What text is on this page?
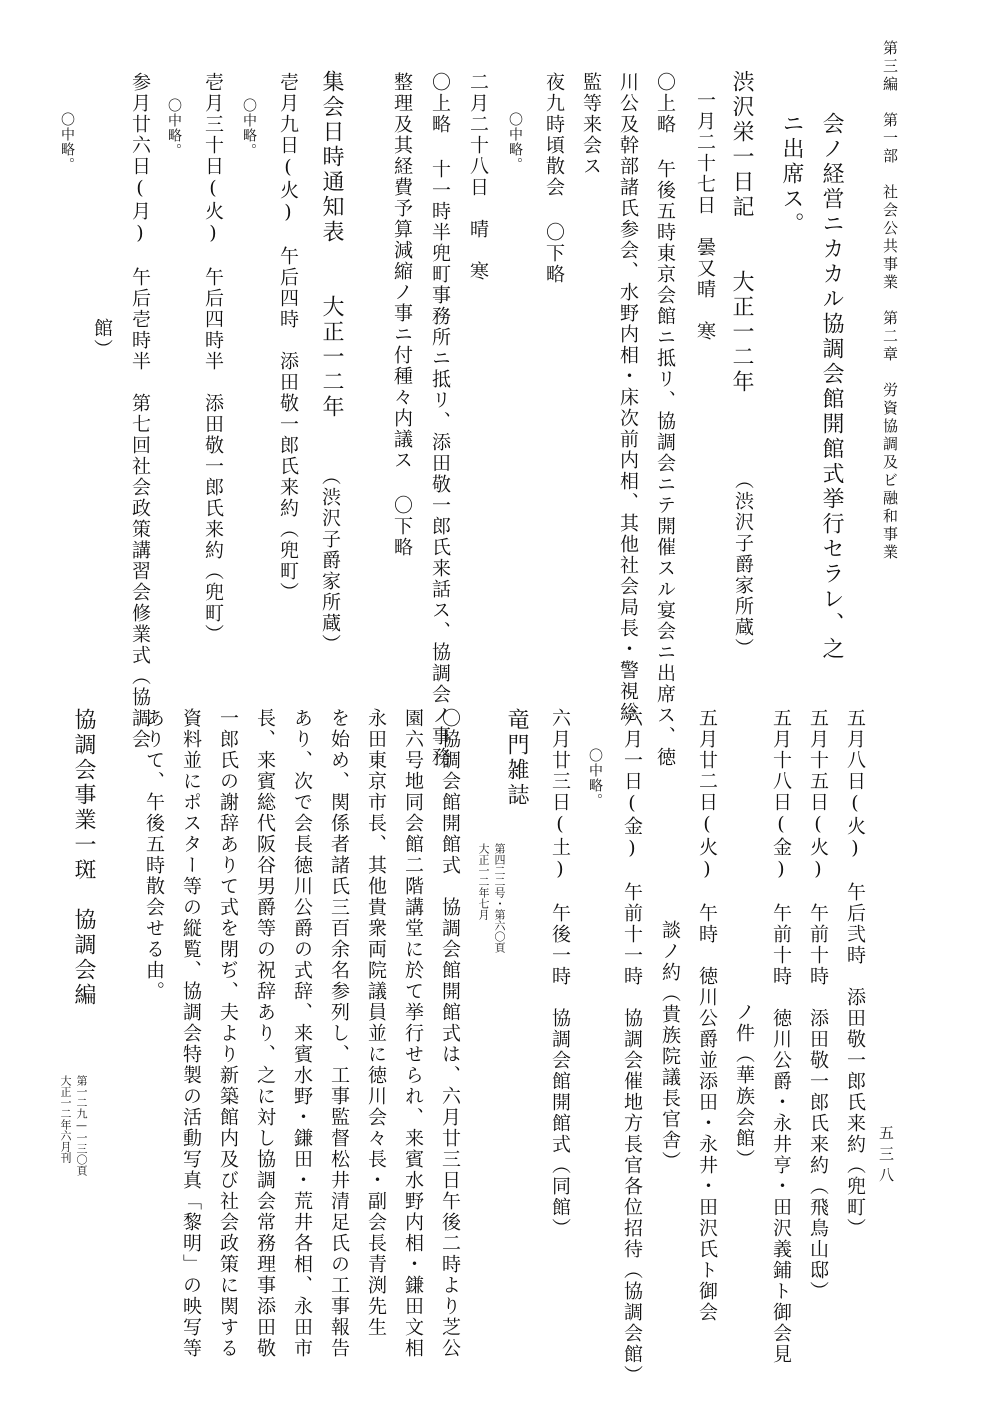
第三編　第一部　社会公共事業　第二章　労資協調及ビ融和事業
五三八
会ノ経営ニカカル協調会館開館式挙行セラレ、之
ニ出席ス。
渋沢栄一日記　　大正一二年
（渋沢子爵家所蔵）
一月二十七日　曇又晴　寒
〇上略 午後五時東京会館ニ抵リ、協調会ニテ開催スル宴会ニ出席ス、徳
川公及幹部諸氏参会、水野内相・床次前内相、其他社会局長・警視総
監等来会ス
夜九時頃散会 〇下略
〇中略。
二月二十八日　晴　寒
〇上略 十一時半兜町事務所ニ抵リ、添田敬一郎氏来話ス、協調会ノ事務
整理及其経費予算減縮ノ事ニ付種々内議ス 〇下略
集会日時通知表　　大正一二年
（渋沢子爵家所蔵）
壱月九日(火)　午后四時　添田敬一郎氏来約（兜町）
〇中略。
壱月三十日(火)　午后四時半　添田敬一郎氏来約（兜町）
〇中略。
参月廿六日(月)　午后壱時半　第七回社会政策講習会修業式（協調会
館）
〇中略。
五月八日(火)　午后弐時　添田敬一郎氏来約（兜町）
五月十五日(火)　午前十時　添田敬一郎氏来約（飛鳥山邸）
五月十八日(金)　午前十時　徳川公爵・永井亨・田沢義鋪ト御会見
ノ件（華族会館）
五月廿二日(火)　午時　徳川公爵並添田・永井・田沢氏ト御会
談ノ約（貴族院議長官舎）
六月一日(金)　午前十一時　協調会催地方長官各位招待（協調会館）
〇中略。
六月廿三日(土)　午後一時　協調会館開館式（同館）
竜門雑誌
第四二二号・第六〇頁
大正一二年七月
〇協調会館開館式　協調会館開館式は、六月廿三日午後二時より芝公
園六号地同会館二階講堂に於て挙行せられ、来賓水野内相・鎌田文相
永田東京市長、其他貴衆両院議員並に徳川会々長・副会長青渕先生
を始め、関係者諸氏三百余名参列し、工事監督松井清足氏の工事報告
あり、次で会長徳川公爵の式辞、来賓水野・鎌田・荒井各相、永田市
長、来賓総代阪谷男爵等の祝辞あり、之に対し協調会常務理事添田敬
一郎氏の謝辞ありて式を閉ぢ、夫より新築館内及び社会政策に関する
資料並にポスター等の縦覧、協調会特製の活動写真「黎明」の映写等
ありて、午後五時散会せる由。
協調会事業一斑　協調会編
第一二九—一三〇頁
大正一二年六月刊
